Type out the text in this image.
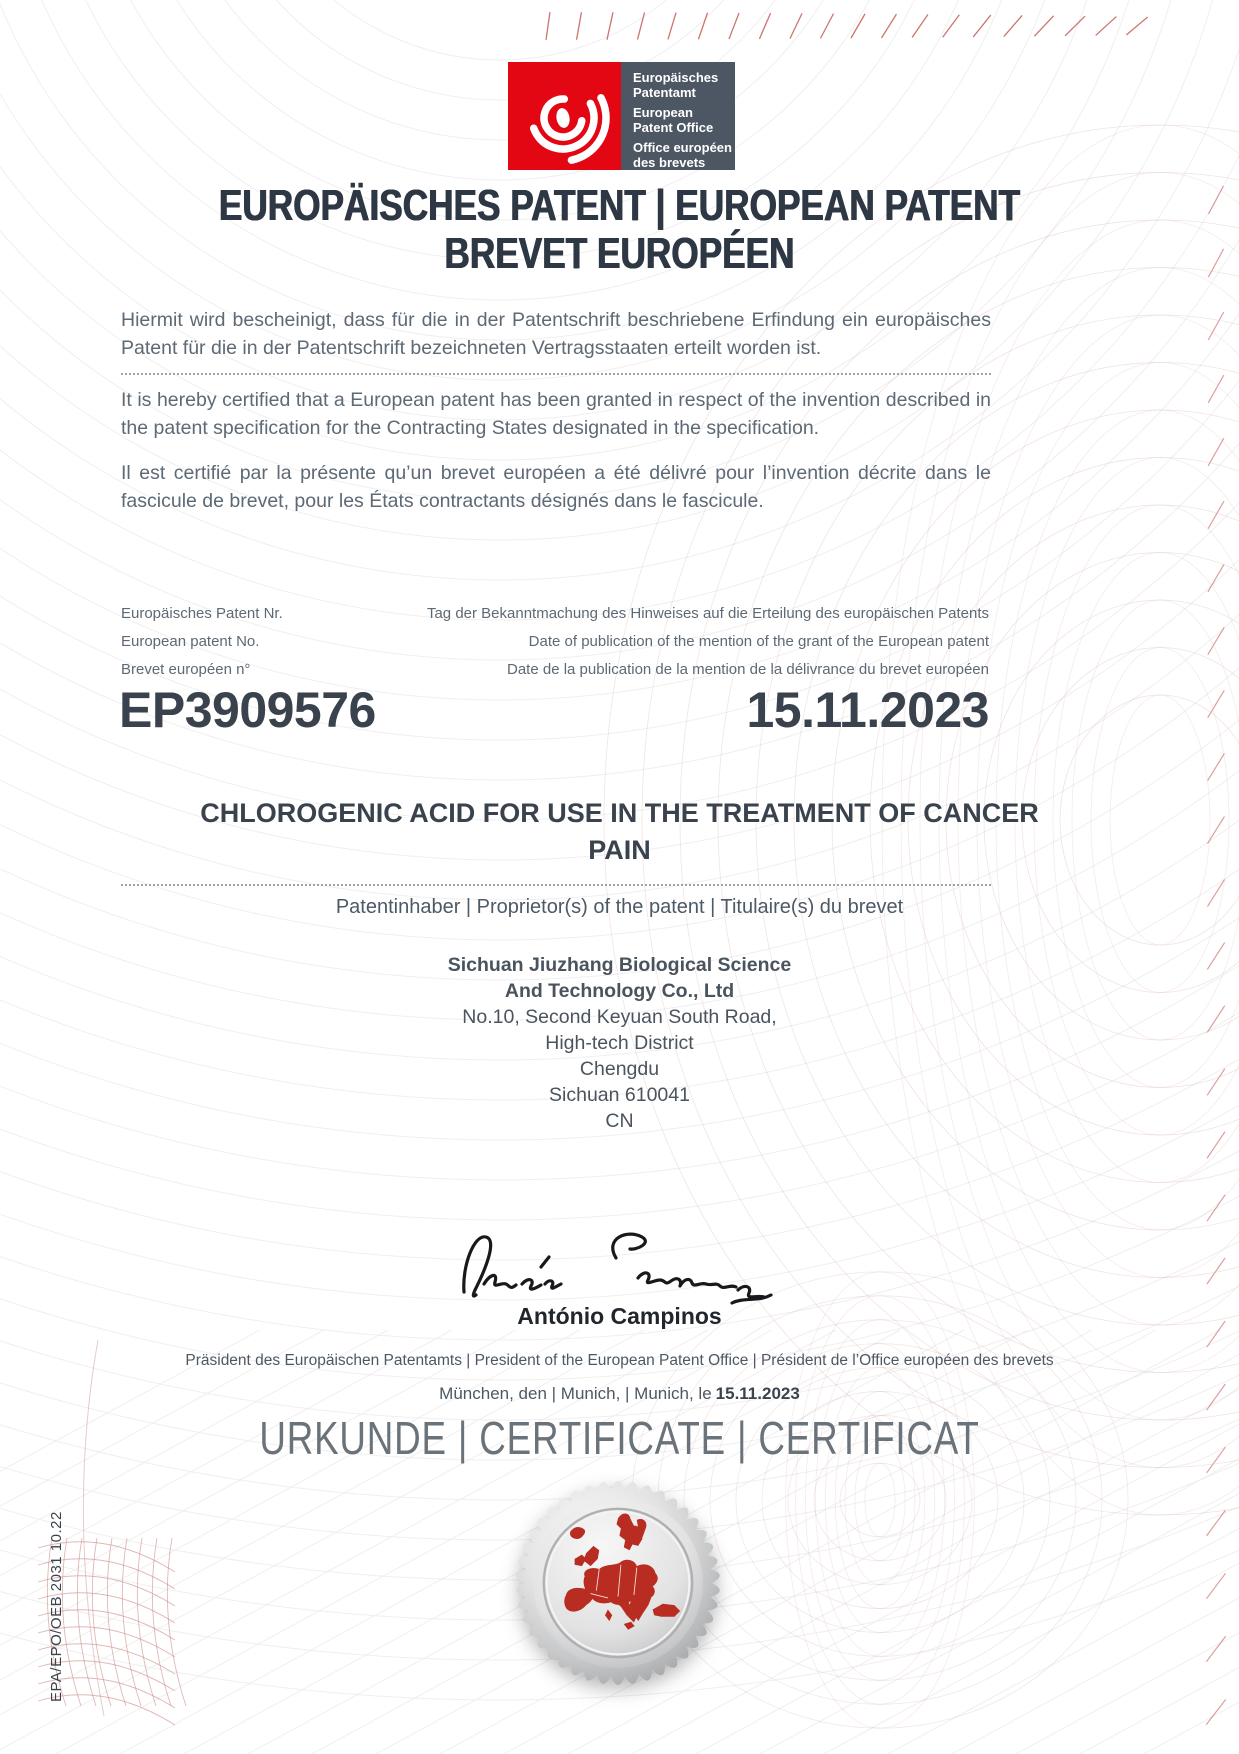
Europäisches
Patentamt
European
Patent Office
Office européen
des brevets
EUROPÄISCHES PATENT | EUROPEAN PATENT
BREVET EUROPÉEN
Hiermit wird bescheinigt, dass für die in der Patentschrift beschriebene Erfindung ein europäisches Patent für die in der Patentschrift bezeichneten Vertragsstaaten erteilt worden ist.
It is hereby certified that a European patent has been granted in respect of the invention described in the patent specification for the Contracting States designated in the specification.
Il est certifié par la présente qu’un brevet européen a été délivré pour l’invention décrite dans le fascicule de brevet, pour les États contractants désignés dans le fascicule.
Europäisches Patent Nr.
European patent No.
Brevet européen n°
Tag der Bekanntmachung des Hinweises auf die Erteilung des europäischen Patents
Date of publication of the mention of the grant of the European patent
Date de la publication de la mention de la délivrance du brevet européen
EP3909576	15.11.2023
CHLOROGENIC ACID FOR USE IN THE TREATMENT OF CANCER
PAIN
Patentinhaber | Proprietor(s) of the patent | Titulaire(s) du brevet
Sichuan Jiuzhang Biological Science
And Technology Co., Ltd
No.10, Second Keyuan South Road,
High-tech District
Chengdu
Sichuan 610041
CN
António Campinos
Präsident des Europäischen Patentamts | President of the European Patent Office | Président de l’Office européen des brevets
München, den | Munich, | Munich, le 15.11.2023
URKUNDE | CERTIFICATE | CERTIFICAT
EPA/EPO/OEB 2031 10.22
